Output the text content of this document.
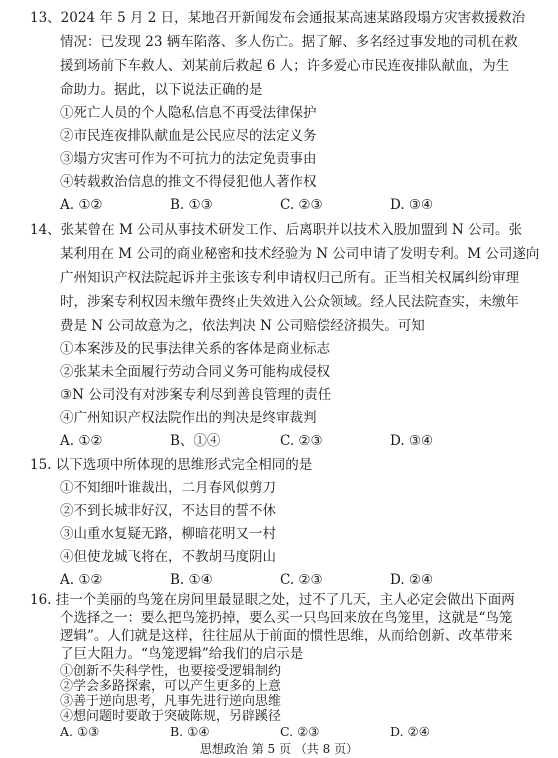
13、2024 年 5 月 2 日，某地召开新闻发布会通报某高速某路段塌方灾害救援救治
情况：已发现 23 辆车陷落、多人伤亡。据了解、多名经过事发地的司机在救
援到场前下车救人、刘某前后救起 6 人；许多爱心市民连夜排队献血，为生
命助力。据此，以下说法正确的是
①死亡人员的个人隐私信息不再受法律保护
②市民连夜排队献血是公民应尽的法定义务
③塌方灾害可作为不可抗力的法定免责事由
④转载救治信息的推文不得侵犯他人著作权
A. ①②	B. ①③	C. ②③	D. ③④
14、张某曾在 M 公司从事技术研发工作、后离职并以技术入股加盟到 N 公司。张
某利用在 M 公司的商业秘密和技术经验为 N 公司申请了发明专利。M 公司遂向
广州知识产权法院起诉并主张该专利申请权归己所有。正当相关权属纠纷审理
时，涉案专利权因未缴年费终止失效进入公众领域。经人民法院查实，未缴年
费是 N 公司故意为之，依法判决 N 公司赔偿经济损失。可知
①本案涉及的民事法律关系的客体是商业标志
②张某未全面履行劳动合同义务可能构成侵权
③N 公司没有对涉案专利尽到善良管理的责任
④广州知识产权法院作出的判决是终审裁判
A. ①②	B、①④	C. ②③	D. ③④
15. 以下选项中所体现的思维形式完全相同的是
①不知细叶谁裁出，二月春风似剪刀
②不到长城非好汉，不达目的誓不休
③山重水复疑无路，柳暗花明又一村
④但使龙城飞将在，不教胡马度阴山
A. ①②	B. ①④	C. ②③	D. ②④
16. 挂一个美丽的鸟笼在房间里最显眼之处，过不了几天，主人必定会做出下面两
个选择之一：要么把鸟笼扔掉，要么买一只鸟回来放在鸟笼里，这就是“鸟笼
逻辑”。人们就是这样，往往屈从于前面的惯性思维，从而给创新、改革带来
了巨大阻力。“鸟笼逻辑”给我们的启示是
①创新不失科学性，也要接受逻辑制约
②学会多路探索，可以产生更多的上意
③善于逆向思考，凡事先进行逆向思维
④想问题时要敢于突破陈规，另辟蹊径
A. ①③	B. ①④	C. ②③	D. ②④
思想政治 第 5 页 （共 8 页）
